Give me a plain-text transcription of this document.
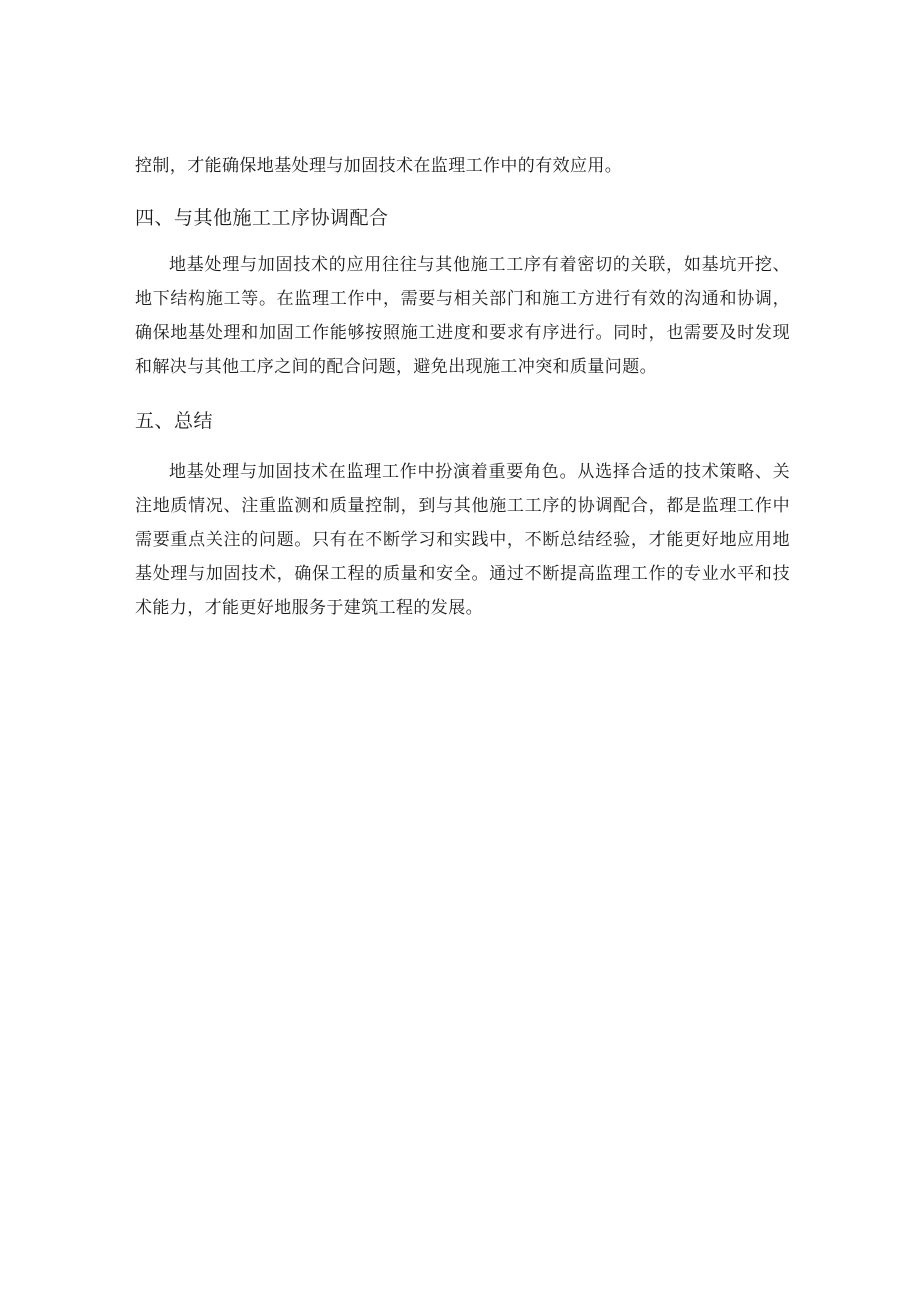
控制，才能确保地基处理与加固技术在监理工作中的有效应用。

四、与其他施工工序协调配合

地基处理与加固技术的应用往往与其他施工工序有着密切的关联，如基坑开挖、地下结构施工等。在监理工作中，需要与相关部门和施工方进行有效的沟通和协调，确保地基处理和加固工作能够按照施工进度和要求有序进行。同时，也需要及时发现和解决与其他工序之间的配合问题，避免出现施工冲突和质量问题。

五、总结

地基处理与加固技术在监理工作中扮演着重要角色。从选择合适的技术策略、关注地质情况、注重监测和质量控制，到与其他施工工序的协调配合，都是监理工作中需要重点关注的问题。只有在不断学习和实践中，不断总结经验，才能更好地应用地基处理与加固技术，确保工程的质量和安全。通过不断提高监理工作的专业水平和技术能力，才能更好地服务于建筑工程的发展。
